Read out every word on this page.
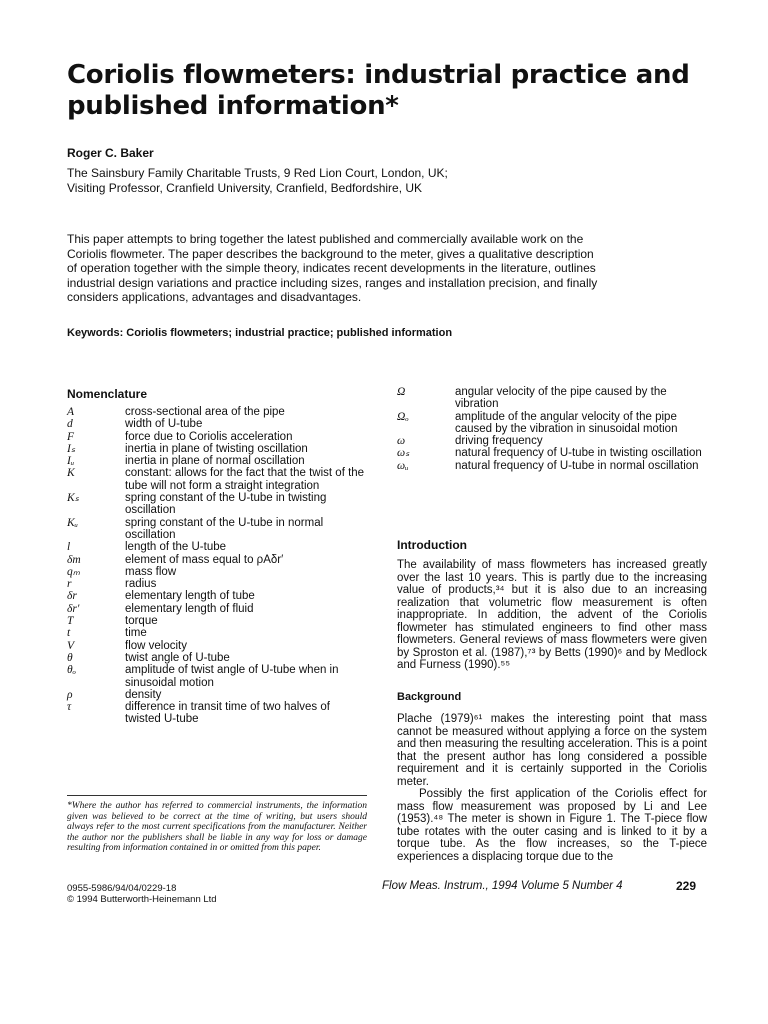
Coriolis flowmeters: industrial practice and published information*
Roger C. Baker
The Sainsbury Family Charitable Trusts, 9 Red Lion Court, London, UK;
Visiting Professor, Cranfield University, Cranfield, Bedfordshire, UK
This paper attempts to bring together the latest published and commercially available work on the Coriolis flowmeter. The paper describes the background to the meter, gives a qualitative description of operation together with the simple theory, indicates recent developments in the literature, outlines industrial design variations and practice including sizes, ranges and installation precision, and finally considers applications, advantages and disadvantages.
Keywords: Coriolis flowmeters; industrial practice; published information
Nomenclature
A	cross-sectional area of the pipe
d	width of U-tube
F	force due to Coriolis acceleration
Iₛ	inertia in plane of twisting oscillation
Iᵤ	inertia in plane of normal oscillation
K	constant: allows for the fact that the twist of the tube will not form a straight integration
Kₛ	spring constant of the U-tube in twisting oscillation
Kᵤ	spring constant of the U-tube in normal oscillation
l	length of the U-tube
δm	element of mass equal to ρAδr′
qₘ	mass flow
r	radius
δr	elementary length of tube
δr′	elementary length of fluid
T	torque
t	time
V	flow velocity
θ	twist angle of U-tube
θₒ	amplitude of twist angle of U-tube when in sinusoidal motion
ρ	density
τ	difference in transit time of two halves of twisted U-tube
Ω	angular velocity of the pipe caused by the vibration
Ωₒ	amplitude of the angular velocity of the pipe caused by the vibration in sinusoidal motion
ω	driving frequency
ωₛ	natural frequency of U-tube in twisting oscillation
ωᵤ	natural frequency of U-tube in normal oscillation
Introduction
The availability of mass flowmeters has increased greatly over the last 10 years. This is partly due to the increasing value of products,³⁴ but it is also due to an increasing realization that volumetric flow measurement is often inappropriate. In addition, the advent of the Coriolis flowmeter has stimulated engineers to find other mass flowmeters. General reviews of mass flowmeters were given by Sproston et al. (1987),⁷³ by Betts (1990)⁶ and by Medlock and Furness (1990).⁵⁵
Background

Plache (1979)⁶¹ makes the interesting point that mass cannot be measured without applying a force on the system and then measuring the resulting acceleration. This is a point that the present author has long considered a possible requirement and it is certainly supported in the Coriolis meter.

Possibly the first application of the Coriolis effect for mass flow measurement was proposed by Li and Lee (1953).⁴⁸ The meter is shown in Figure 1. The T-piece flow tube rotates with the outer casing and is linked to it by a torque tube. As the flow increases, so the T-piece experiences a displacing torque due to the

*Where the author has referred to commercial instruments, the information given was believed to be correct at the time of writing, but users should always refer to the most current specifications from the manufacturer. Neither the author nor the publishers shall be liable in any way for loss or damage resulting from information contained in or omitted from this paper.
0955-5986/94/04/0229-18
© 1994 Butterworth-Heinemann Ltd
Flow Meas. Instrum., 1994 Volume 5 Number 4	229
